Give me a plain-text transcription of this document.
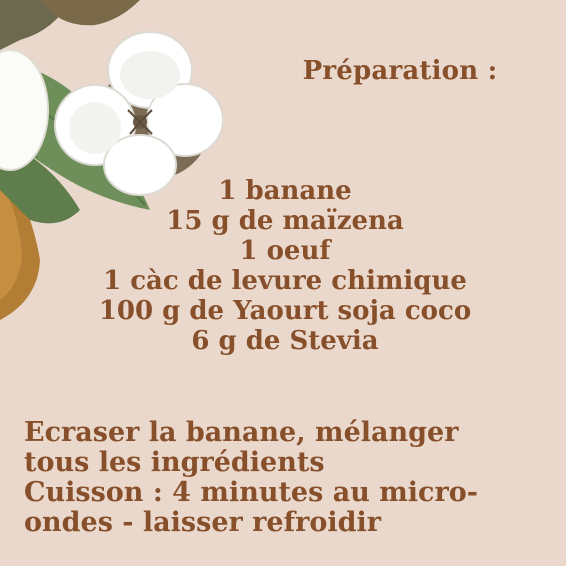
Préparation :
1 banane
15 g de maïzena
1 oeuf
1 càc de levure chimique
100 g de Yaourt soja coco
6 g de Stevia
Ecraser la banane, mélanger
tous les ingrédients
Cuisson : 4 minutes au micro-
ondes - laisser refroidir
